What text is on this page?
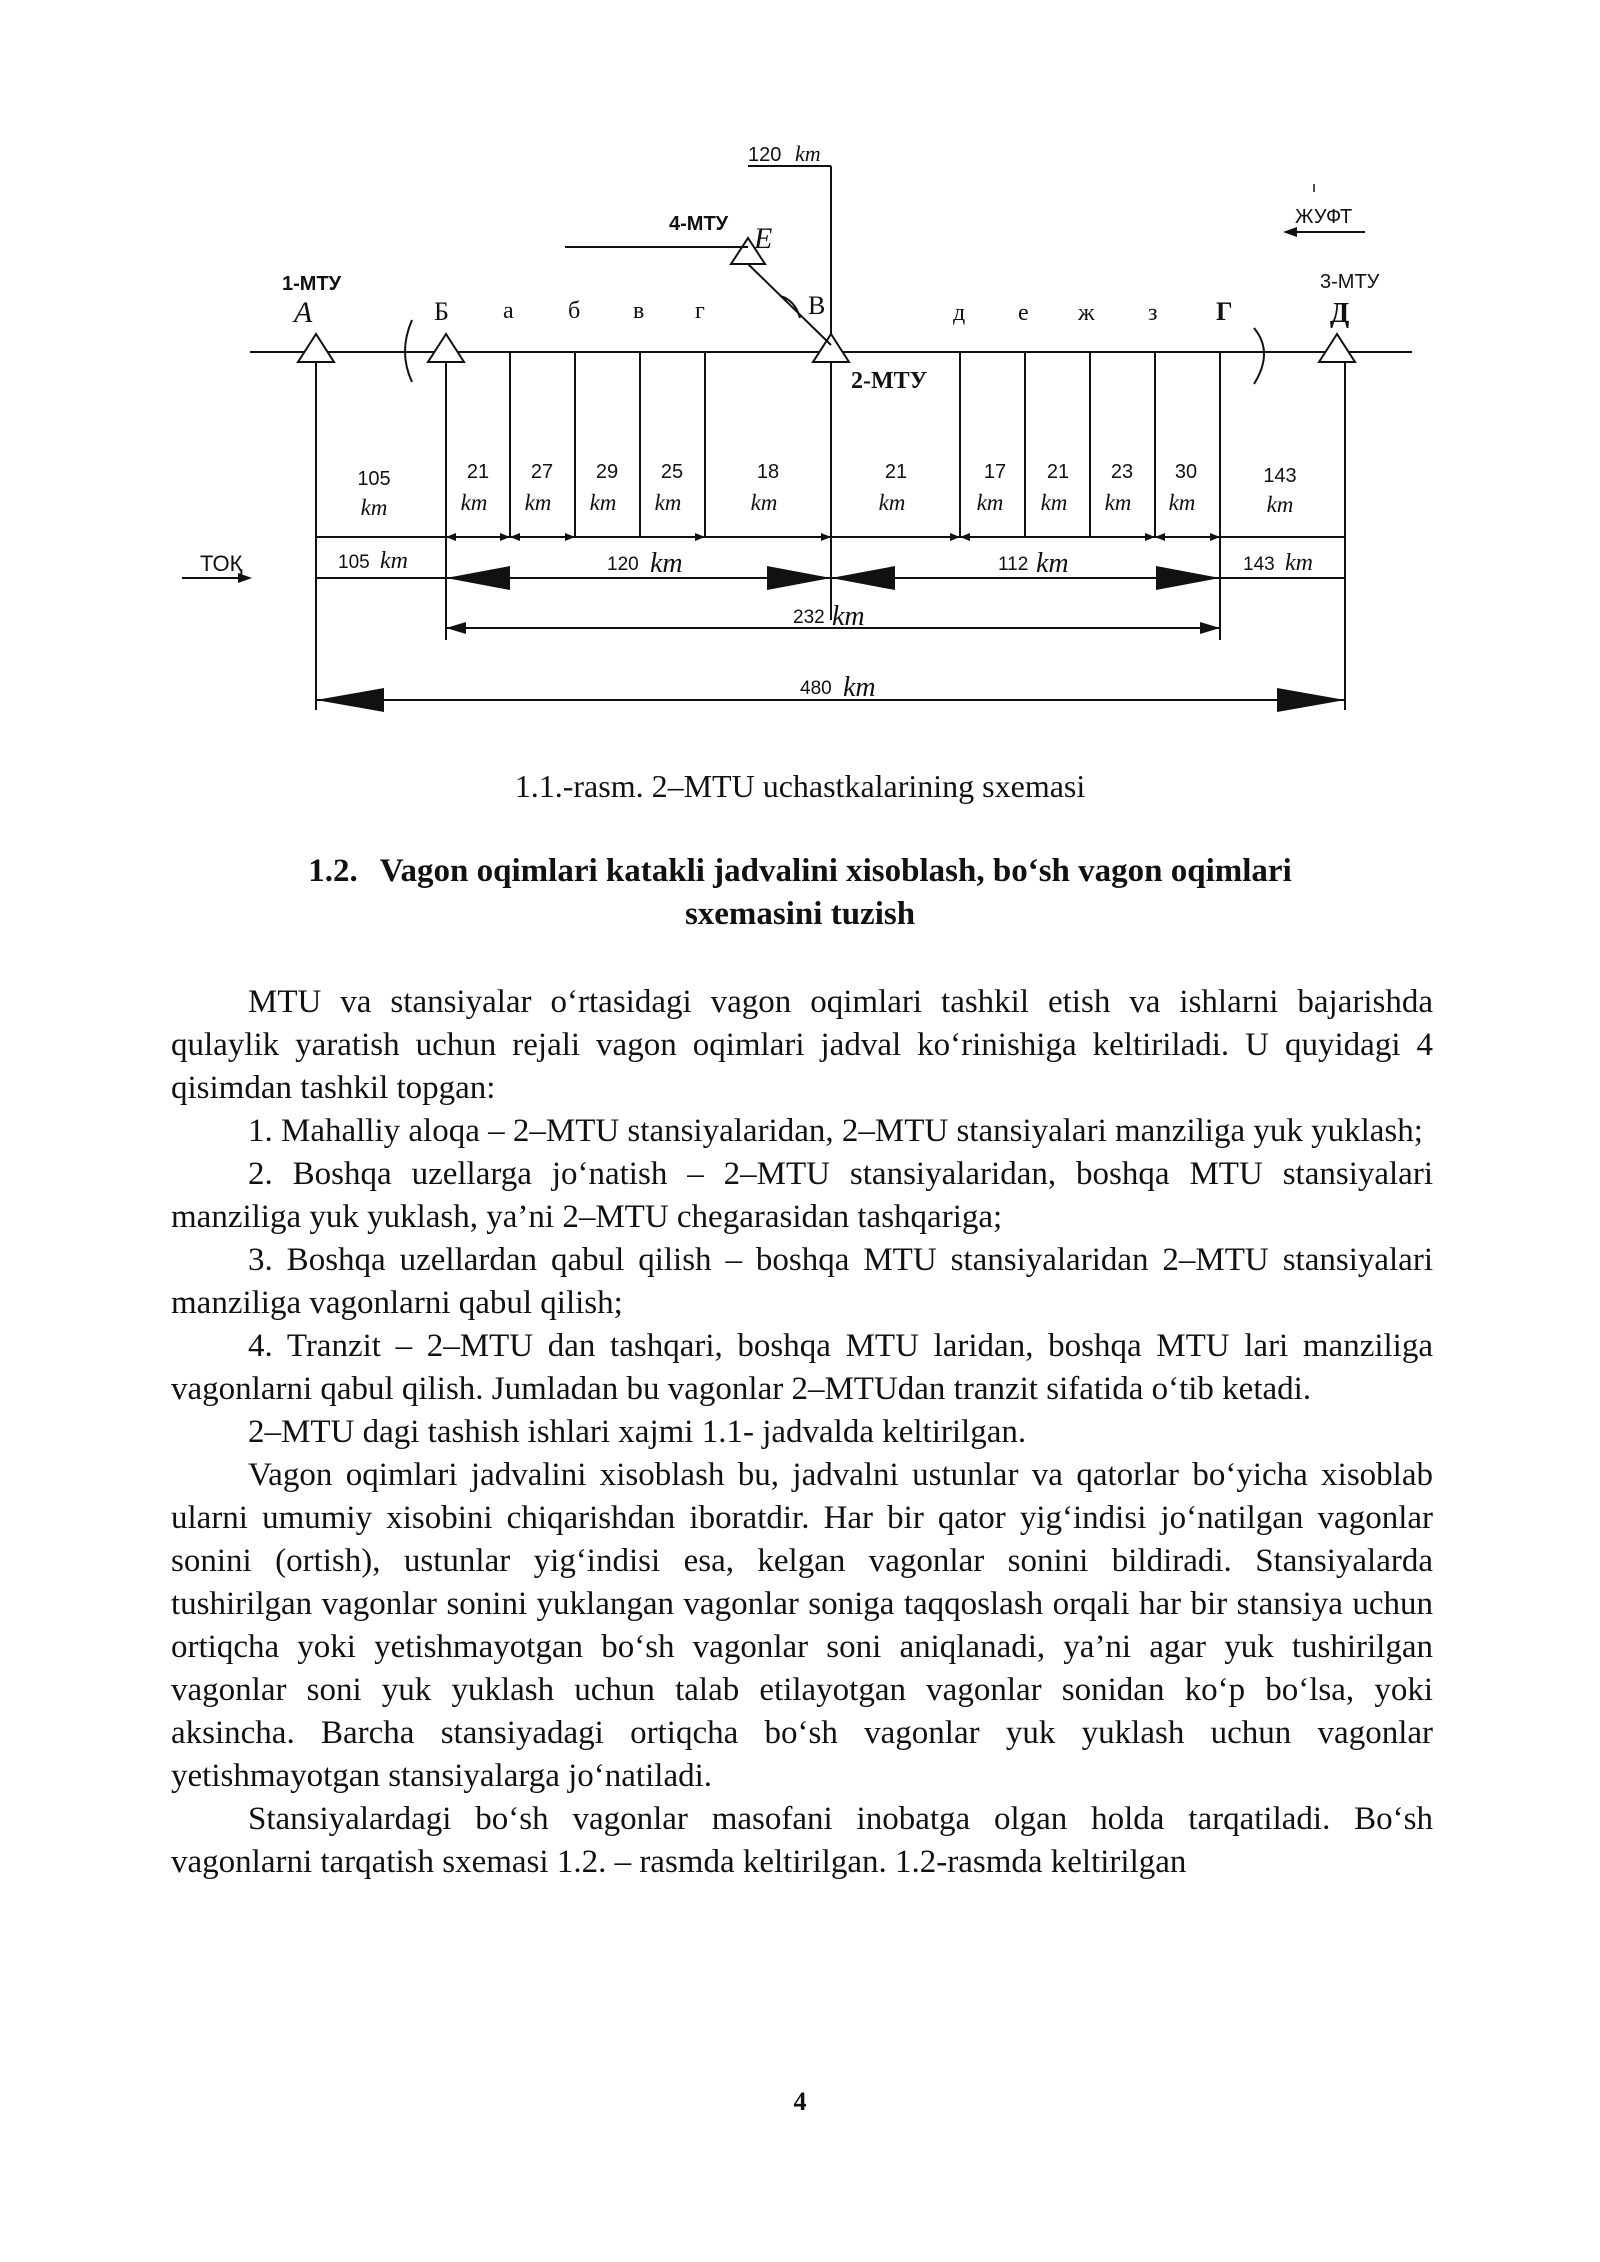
1-МТУ
4-МТУ
2-МТУ
3-МТУ
ЖУФТ
ТОҚ
120 km
А	Б а б в г	В
E
д е ж з Г	Д
105	21 27 29 25	18	21	17 21 23 30	143
km	km km km km	km	km	km km km km	km
105 km	120 km	112 km	143 km
232 km
480 km

1.1.-rasm. 2–MTU uchastkalarining sxemasi

1.2. Vagon oqimlari katakli jadvalini xisoblash, bo‘sh vagon oqimlari sxemasini tuzish

MTU va stansiyalar o‘rtasidagi vagon oqimlari tashkil etish va ishlarni bajarishda qulaylik yaratish uchun rejali vagon oqimlari jadval ko‘rinishiga keltiriladi. U quyidagi 4 qisimdan tashkil topgan:

1. Mahalliy aloqa – 2–MTU stansiyalaridan, 2–MTU stansiyalari manziliga yuk yuklash;

2. Boshqa uzellarga jo‘natish – 2–MTU stansiyalaridan, boshqa MTU stansiyalari manziliga yuk yuklash, ya’ni 2–MTU chegarasidan tashqariga;

3. Boshqa uzellardan qabul qilish – boshqa MTU stansiyalaridan 2–MTU stansiyalari manziliga vagonlarni qabul qilish;

4. Tranzit – 2–MTU dan tashqari, boshqa MTU laridan, boshqa MTU lari manziliga vagonlarni qabul qilish. Jumladan bu vagonlar 2–MTUdan tranzit sifatida o‘tib ketadi.

2–MTU dagi tashish ishlari xajmi 1.1- jadvalda keltirilgan.

Vagon oqimlari jadvalini xisoblash bu, jadvalni ustunlar va qatorlar bo‘yicha xisoblab ularni umumiy xisobini chiqarishdan iboratdir. Har bir qator yig‘indisi jo‘natilgan vagonlar sonini (ortish), ustunlar yig‘indisi esa, kelgan vagonlar sonini bildiradi. Stansiyalarda tushirilgan vagonlar sonini yuklangan vagonlar soniga taqqoslash orqali har bir stansiya uchun ortiqcha yoki yetishmayotgan bo‘sh vagonlar soni aniqlanadi, ya’ni agar yuk tushirilgan vagonlar soni yuk yuklash uchun talab etilayotgan vagonlar sonidan ko‘p bo‘lsa, yoki aksincha. Barcha stansiyadagi ortiqcha bo‘sh vagonlar yuk yuklash uchun vagonlar yetishmayotgan stansiyalarga jo‘natiladi.

Stansiyalardagi bo‘sh vagonlar masofani inobatga olgan holda tarqatiladi. Bo‘sh vagonlarni tarqatish sxemasi 1.2. – rasmda keltirilgan. 1.2-rasmda keltirilgan

4
